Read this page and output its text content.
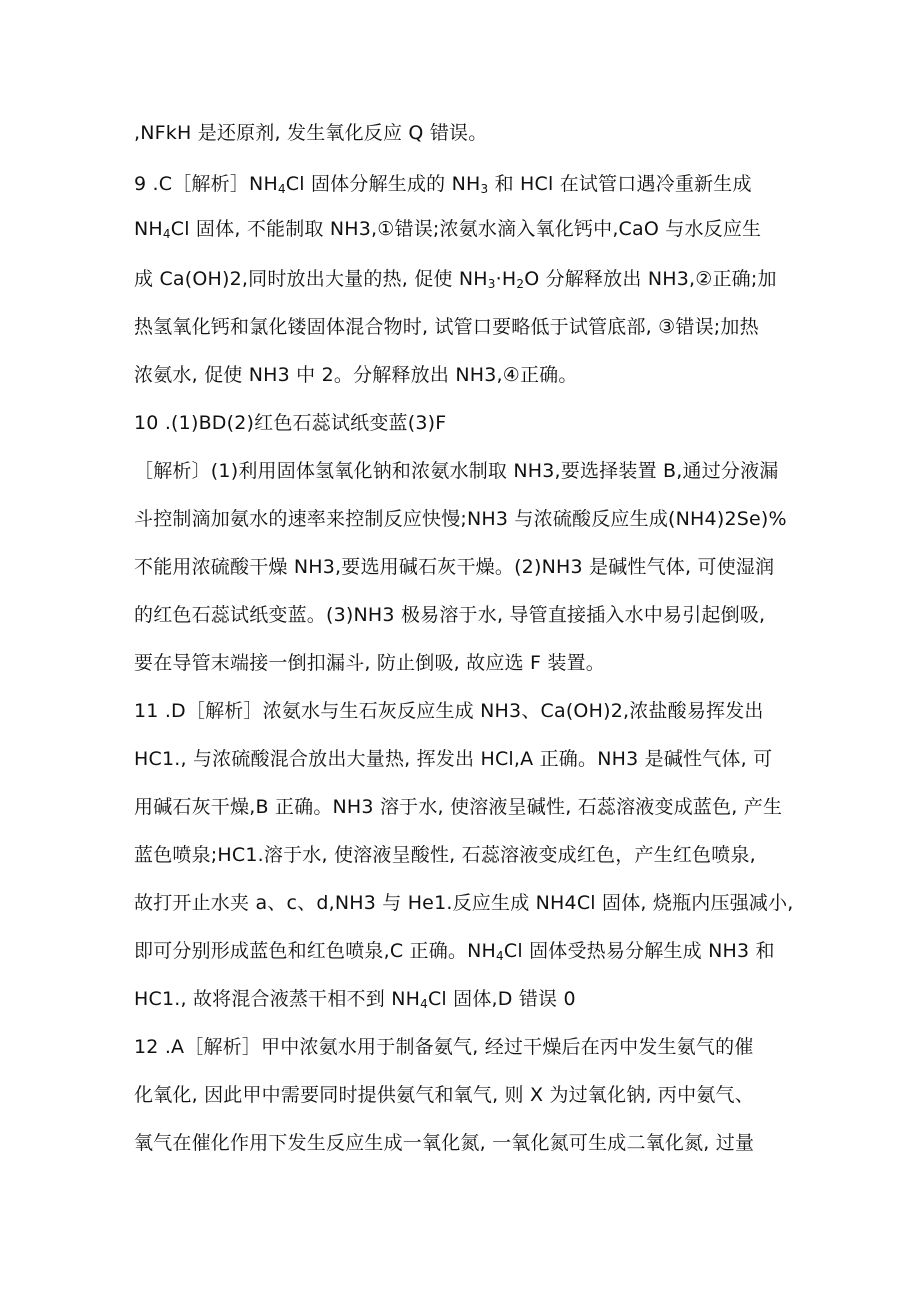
,NFkH 是还原剂, 发生氧化反应 Q 错误。
9 .C［解析$]NH_4Cl$ 固体分解生成的 $NH_3$ 和 HCl 在试管口遇冷重新生成
$NH_4Cl$ 固体, 不能制取 NH3,①错误;浓氨水滴入氧化钙中,CaO 与水反应生
成 Ca(OH)2,同时放出大量的热, 促使 $NH_3\cdot H_2O$ 分解释放出 NH3,②正确;加
热氢氧化钙和氯化镂固体混合物时, 试管口要略低于试管底部, ③错误;加热
浓氨水, 促使 NH3 中 2。分解释放出 NH3,④正确。
10 .(1)BD(2)红色石蕊试纸变蓝(3)F
［解析〕(1)利用固体氢氧化钠和浓氨水制取 NH3,要选择装置 B,通过分液漏
斗控制滴加氨水的速率来控制反应快慢;NH3 与浓硫酸反应生成(NH4)2Se)%
不能用浓硫酸干燥 NH3,要选用碱石灰干燥。(2)NH3 是碱性气体, 可使湿润
的红色石蕊试纸变蓝。(3)NH3 极易溶于水, 导管直接插入水中易引起倒吸,
要在导管末端接一倒扣漏斗, 防止倒吸, 故应选 F 装置。
11 .D［解析］浓氨水与生石灰反应生成 NH3、Ca(OH)2,浓盐酸易挥发出
HC1., 与浓硫酸混合放出大量热, 挥发出 HCl,A 正确。NH3 是碱性气体, 可
用碱石灰干燥,B 正确。NH3 溶于水, 使溶液呈碱性, 石蕊溶液变成蓝色, 产生
蓝色喷泉;HC1.溶于水, 使溶液呈酸性, 石蕊溶液变成红色，产生红色喷泉,
故打开止水夹 a、c、d,NH3 与 He1.反应生成 NH4Cl 固体, 烧瓶内压强减小,
即可分别形成蓝色和红色喷泉,C 正确。$NH_4Cl$ 固体受热易分解生成 NH3 和
HC1., 故将混合液蒸干相不到 $NH_4Cl$ 固体,D 错误 0
12 .A［解析］甲中浓氨水用于制备氨气, 经过干燥后在丙中发生氨气的催
化氧化, 因此甲中需要同时提供氨气和氧气, 则 X 为过氧化钠, 丙中氨气、
氧气在催化作用下发生反应生成一氧化氮, 一氧化氮可生成二氧化氮, 过量
